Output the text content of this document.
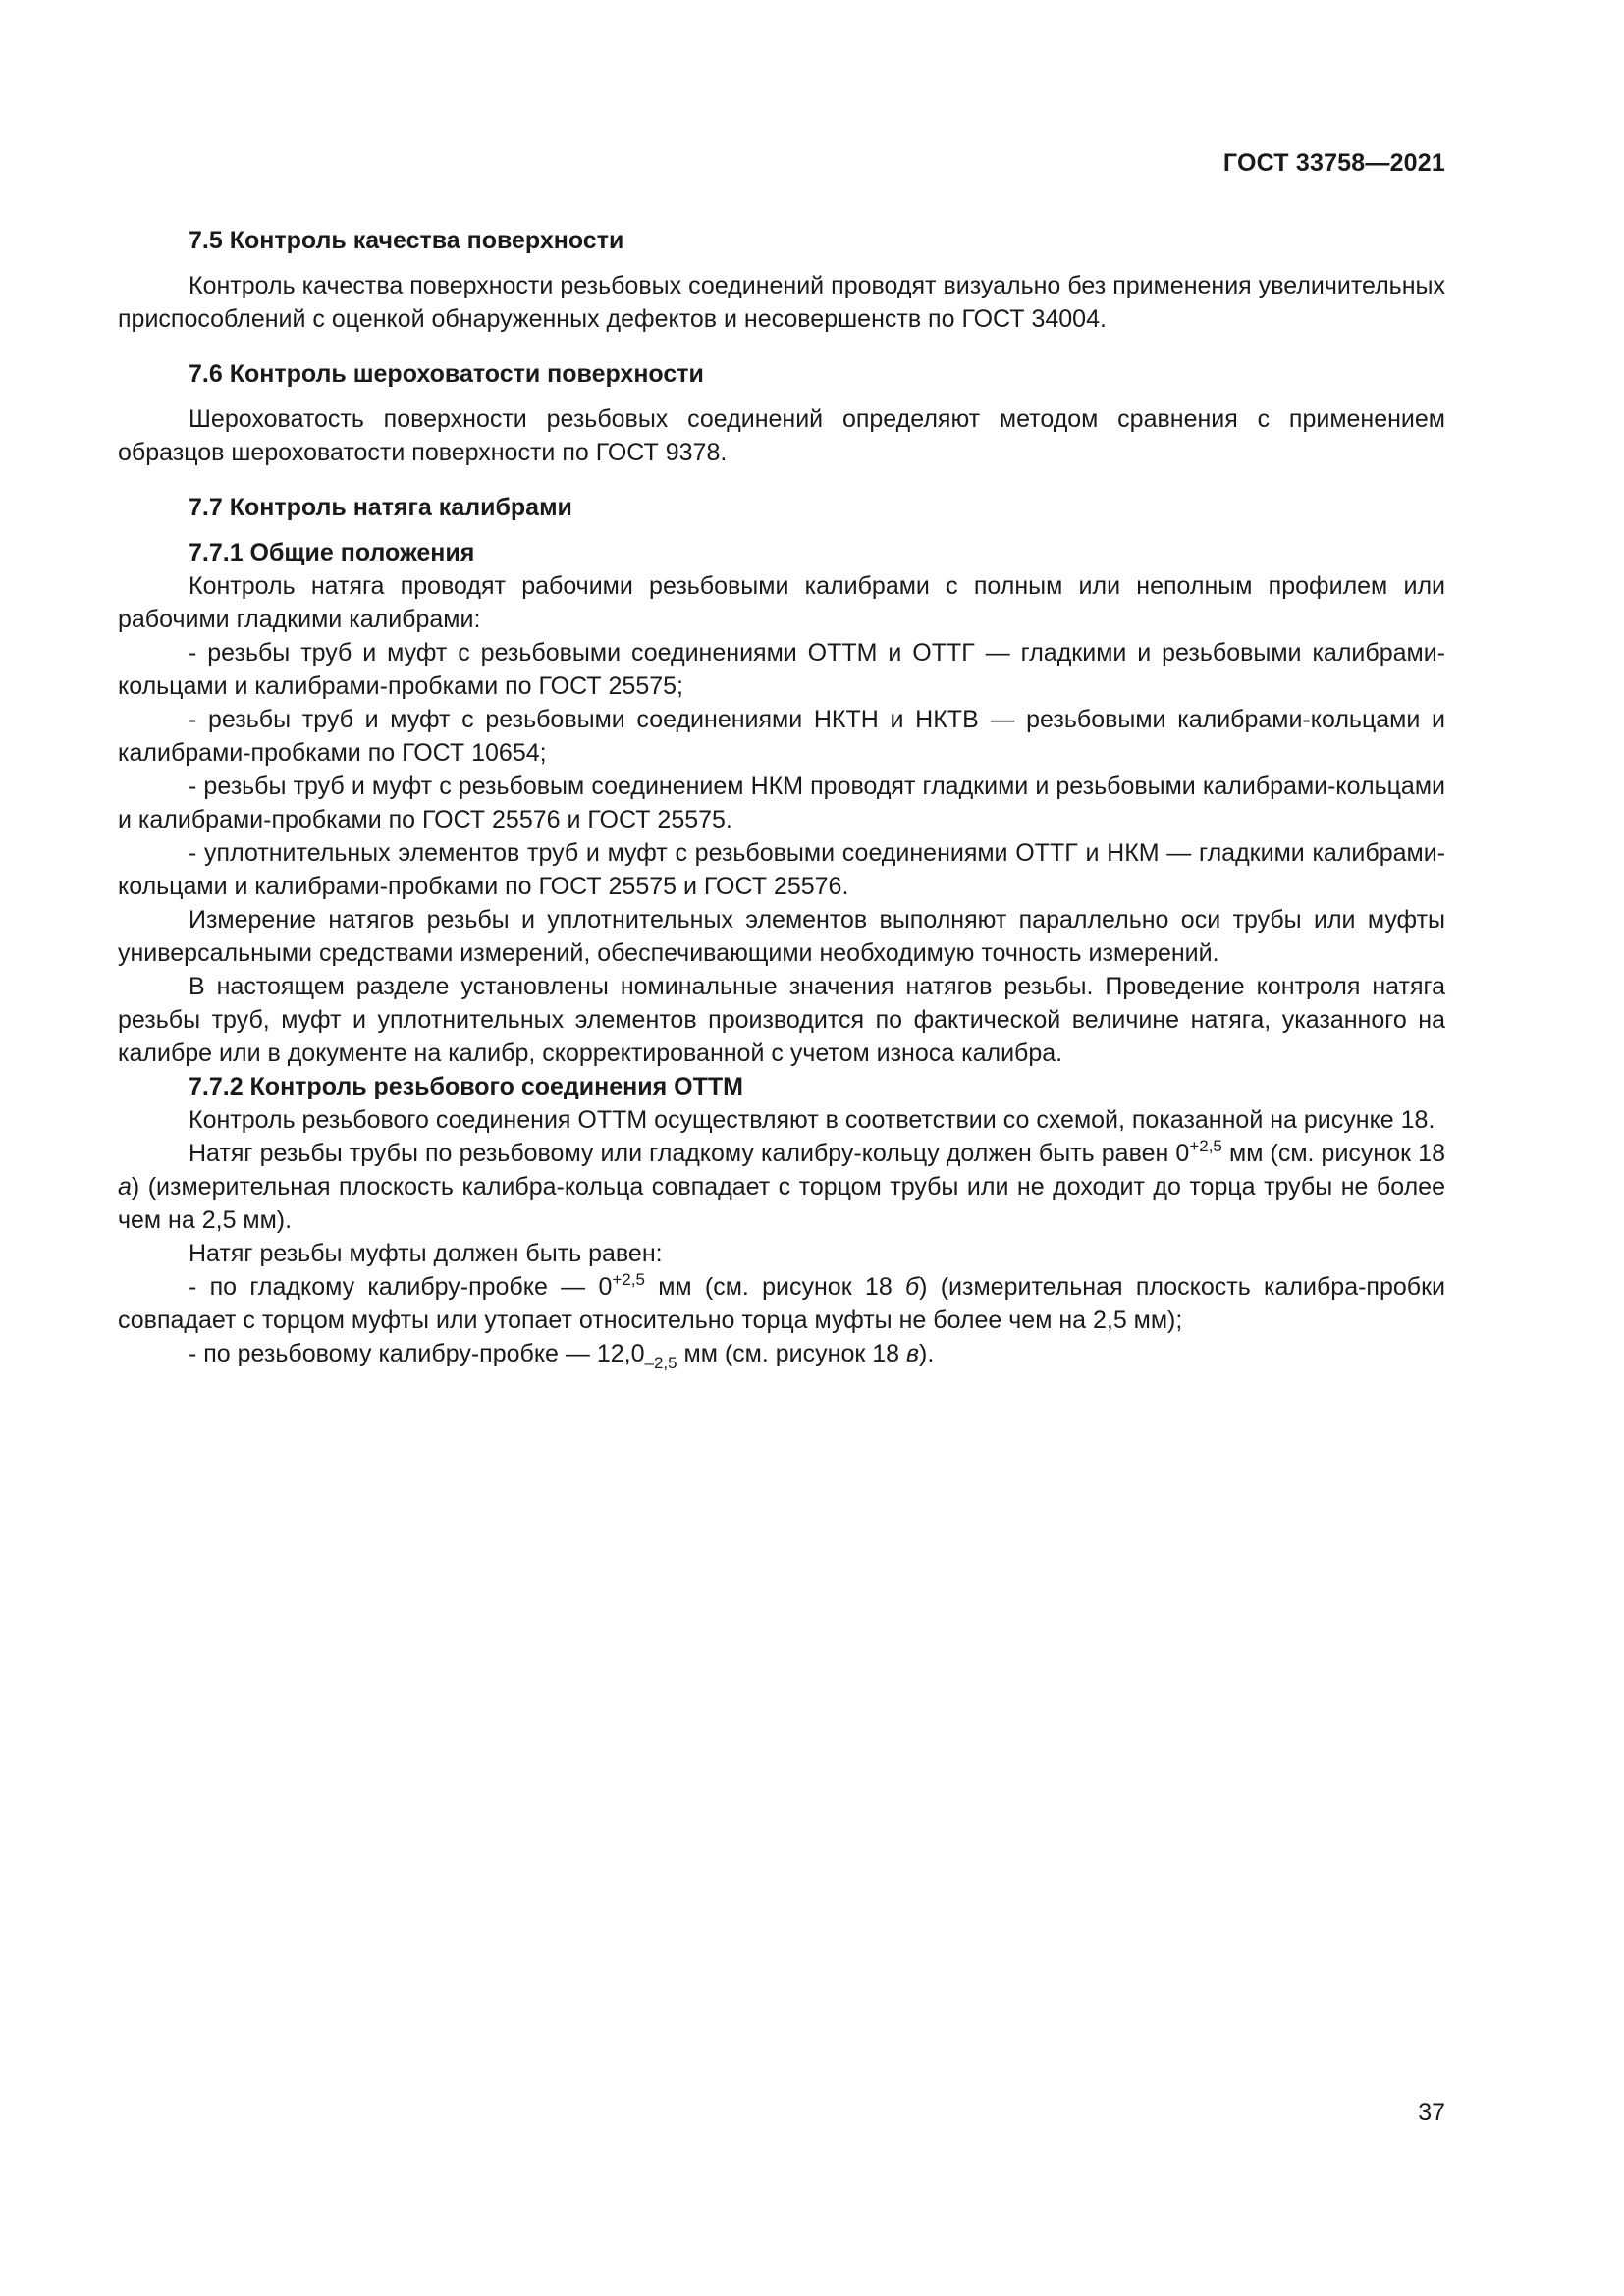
ГОСТ 33758—2021
7.5 Контроль качества поверхности

Контроль качества поверхности резьбовых соединений проводят визуально без применения увеличительных приспособлений с оценкой обнаруженных дефектов и несовершенств по ГОСТ 34004.

7.6 Контроль шероховатости поверхности

Шероховатость поверхности резьбовых соединений определяют методом сравнения с применением образцов шероховатости поверхности по ГОСТ 9378.

7.7 Контроль натяга калибрами
7.7.1 Общие положения

Контроль натяга проводят рабочими резьбовыми калибрами с полным или неполным профилем или рабочими гладкими калибрами:

- резьбы труб и муфт с резьбовыми соединениями ОТТМ и ОТТГ — гладкими и резьбовыми калибрами-кольцами и калибрами-пробками по ГОСТ 25575;

- резьбы труб и муфт с резьбовыми соединениями НКТН и НКТВ — резьбовыми калибрами-кольцами и калибрами-пробками по ГОСТ 10654;

- резьбы труб и муфт с резьбовым соединением НКМ проводят гладкими и резьбовыми калибрами-кольцами и калибрами-пробками по ГОСТ 25576 и ГОСТ 25575.

- уплотнительных элементов труб и муфт с резьбовыми соединениями ОТТГ и НКМ — гладкими калибрами-кольцами и калибрами-пробками по ГОСТ 25575 и ГОСТ 25576.

Измерение натягов резьбы и уплотнительных элементов выполняют параллельно оси трубы или муфты универсальными средствами измерений, обеспечивающими необходимую точность измерений.

В настоящем разделе установлены номинальные значения натягов резьбы. Проведение контроля натяга резьбы труб, муфт и уплотнительных элементов производится по фактической величине натяга, указанного на калибре или в документе на калибр, скорректированной с учетом износа калибра.

7.7.2 Контроль резьбового соединения ОТТМ

Контроль резьбового соединения ОТТМ осуществляют в соответствии со схемой, показанной на рисунке 18.

Натяг резьбы трубы по резьбовому или гладкому калибру-кольцу должен быть равен $0^{+2,5}$ мм (см. рисунок 18 а) (измерительная плоскость калибра-кольца совпадает с торцом трубы или не доходит до торца трубы не более чем на 2,5 мм).

Натяг резьбы муфты должен быть равен:

- по гладкому калибру-пробке — $0^{+2,5}$ мм (см. рисунок 18 б) (измерительная плоскость калибра-пробки совпадает с торцом муфты или утопает относительно торца муфты не более чем на 2,5 мм);

- по резьбовому калибру-пробке — $12,0_{-2,5}$ мм (см. рисунок 18 в).

37
